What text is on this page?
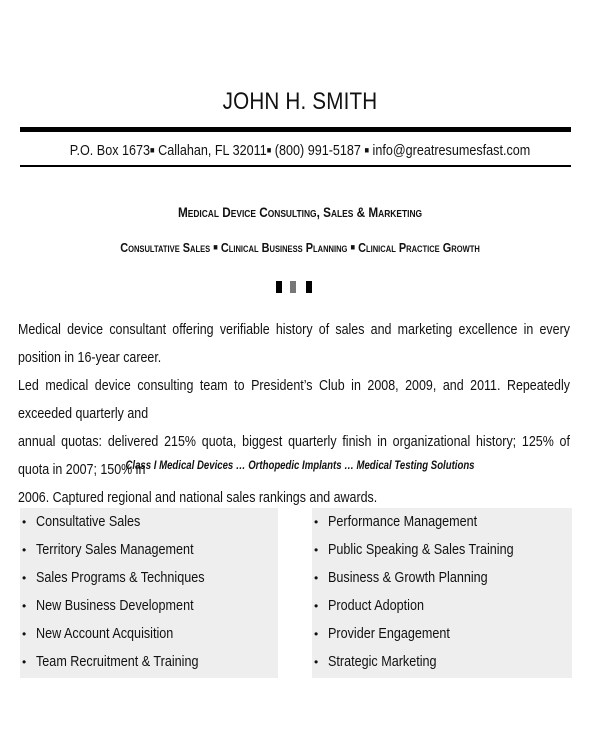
JOHN H. SMITH
P.O. Box 1673■ Callahan, FL 32011■ (800) 991-5187 ■ info@greatresumesfast.com
Medical Device Consulting, Sales & Marketing
Consultative Sales ■ Clinical Business Planning ■ Clinical Practice Growth
Medical device consultant offering verifiable history of sales and marketing excellence in every position in 16-year career.
Led medical device consulting team to President’s Club in 2008, 2009, and 2011. Repeatedly exceeded quarterly and
annual quotas: delivered 215% quota, biggest quarterly finish in organizational history; 125% of quota in 2007; 150% in
2006. Captured regional and national sales rankings and awards.
Class I Medical Devices … Orthopedic Implants … Medical Testing Solutions
• Consultative Sales
• Territory Sales Management
• Sales Programs & Techniques
• New Business Development
• New Account Acquisition
• Team Recruitment & Training
• Performance Management
• Public Speaking & Sales Training
• Business & Growth Planning
• Product Adoption
• Provider Engagement
• Strategic Marketing
